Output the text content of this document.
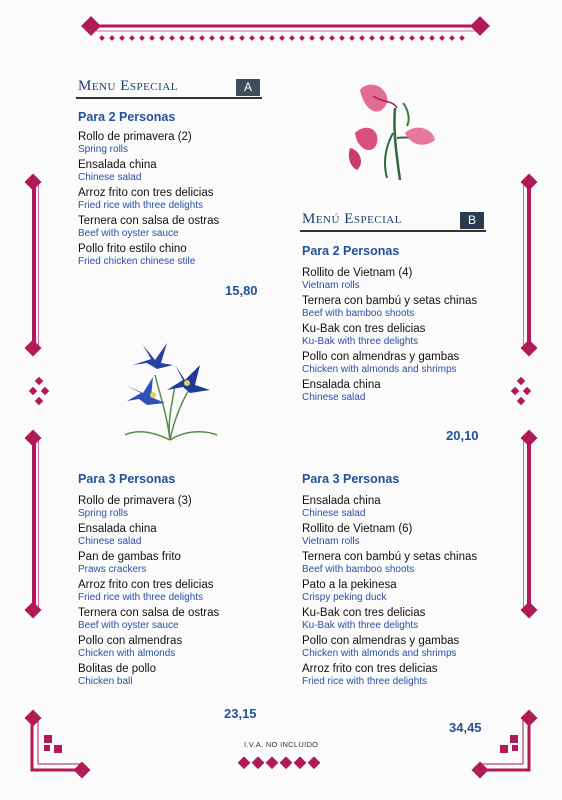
Menu Especial	A
Para 2 Personas
Rollo de primavera (2)
Spring rolls
Ensalada china
Chinese salad
Arroz frito con tres delicias
Fried rice with three delights
Ternera con salsa de ostras
Beef with oyster sauce
Pollo frito estilo chino
Fried chicken chinese stile
15,80
Para 3 Personas
Rollo de primavera (3)
Spring rolls
Ensalada china
Chinese salad
Pan de gambas frito
Praws crackers
Arroz frito con tres delicias
Fried rice with three delights
Ternera con salsa de ostras
Beef with oyster sauce
Pollo con almendras
Chicken with almonds
Bolitas de pollo
Chicken ball
23,15
Menú Especial	B
Para 2 Personas
Rollito de Vietnam (4)
Vietnam rolls
Ternera con bambú y setas chinas
Beef with bamboo shoots
Ku-Bak con tres delicias
Ku-Bak with three delights
Pollo con almendras y gambas
Chicken with almonds and shrimps
Ensalada china
Chinese salad
20,10
Para 3 Personas
Ensalada china
Chinese salad
Rollito de Vietnam (6)
Vietnam rolls
Ternera con bambú y setas chinas
Beef with bamboo shoots
Pato a la pekinesa
Crispy peking duck
Ku-Bak con tres delicias
Ku-Bak with three delights
Pollo con almendras y gambas
Chicken with almonds and shrimps
Arroz frito con tres delicias
Fried rice with three delights
34,45
I.V.A. NO INCLUIDO
